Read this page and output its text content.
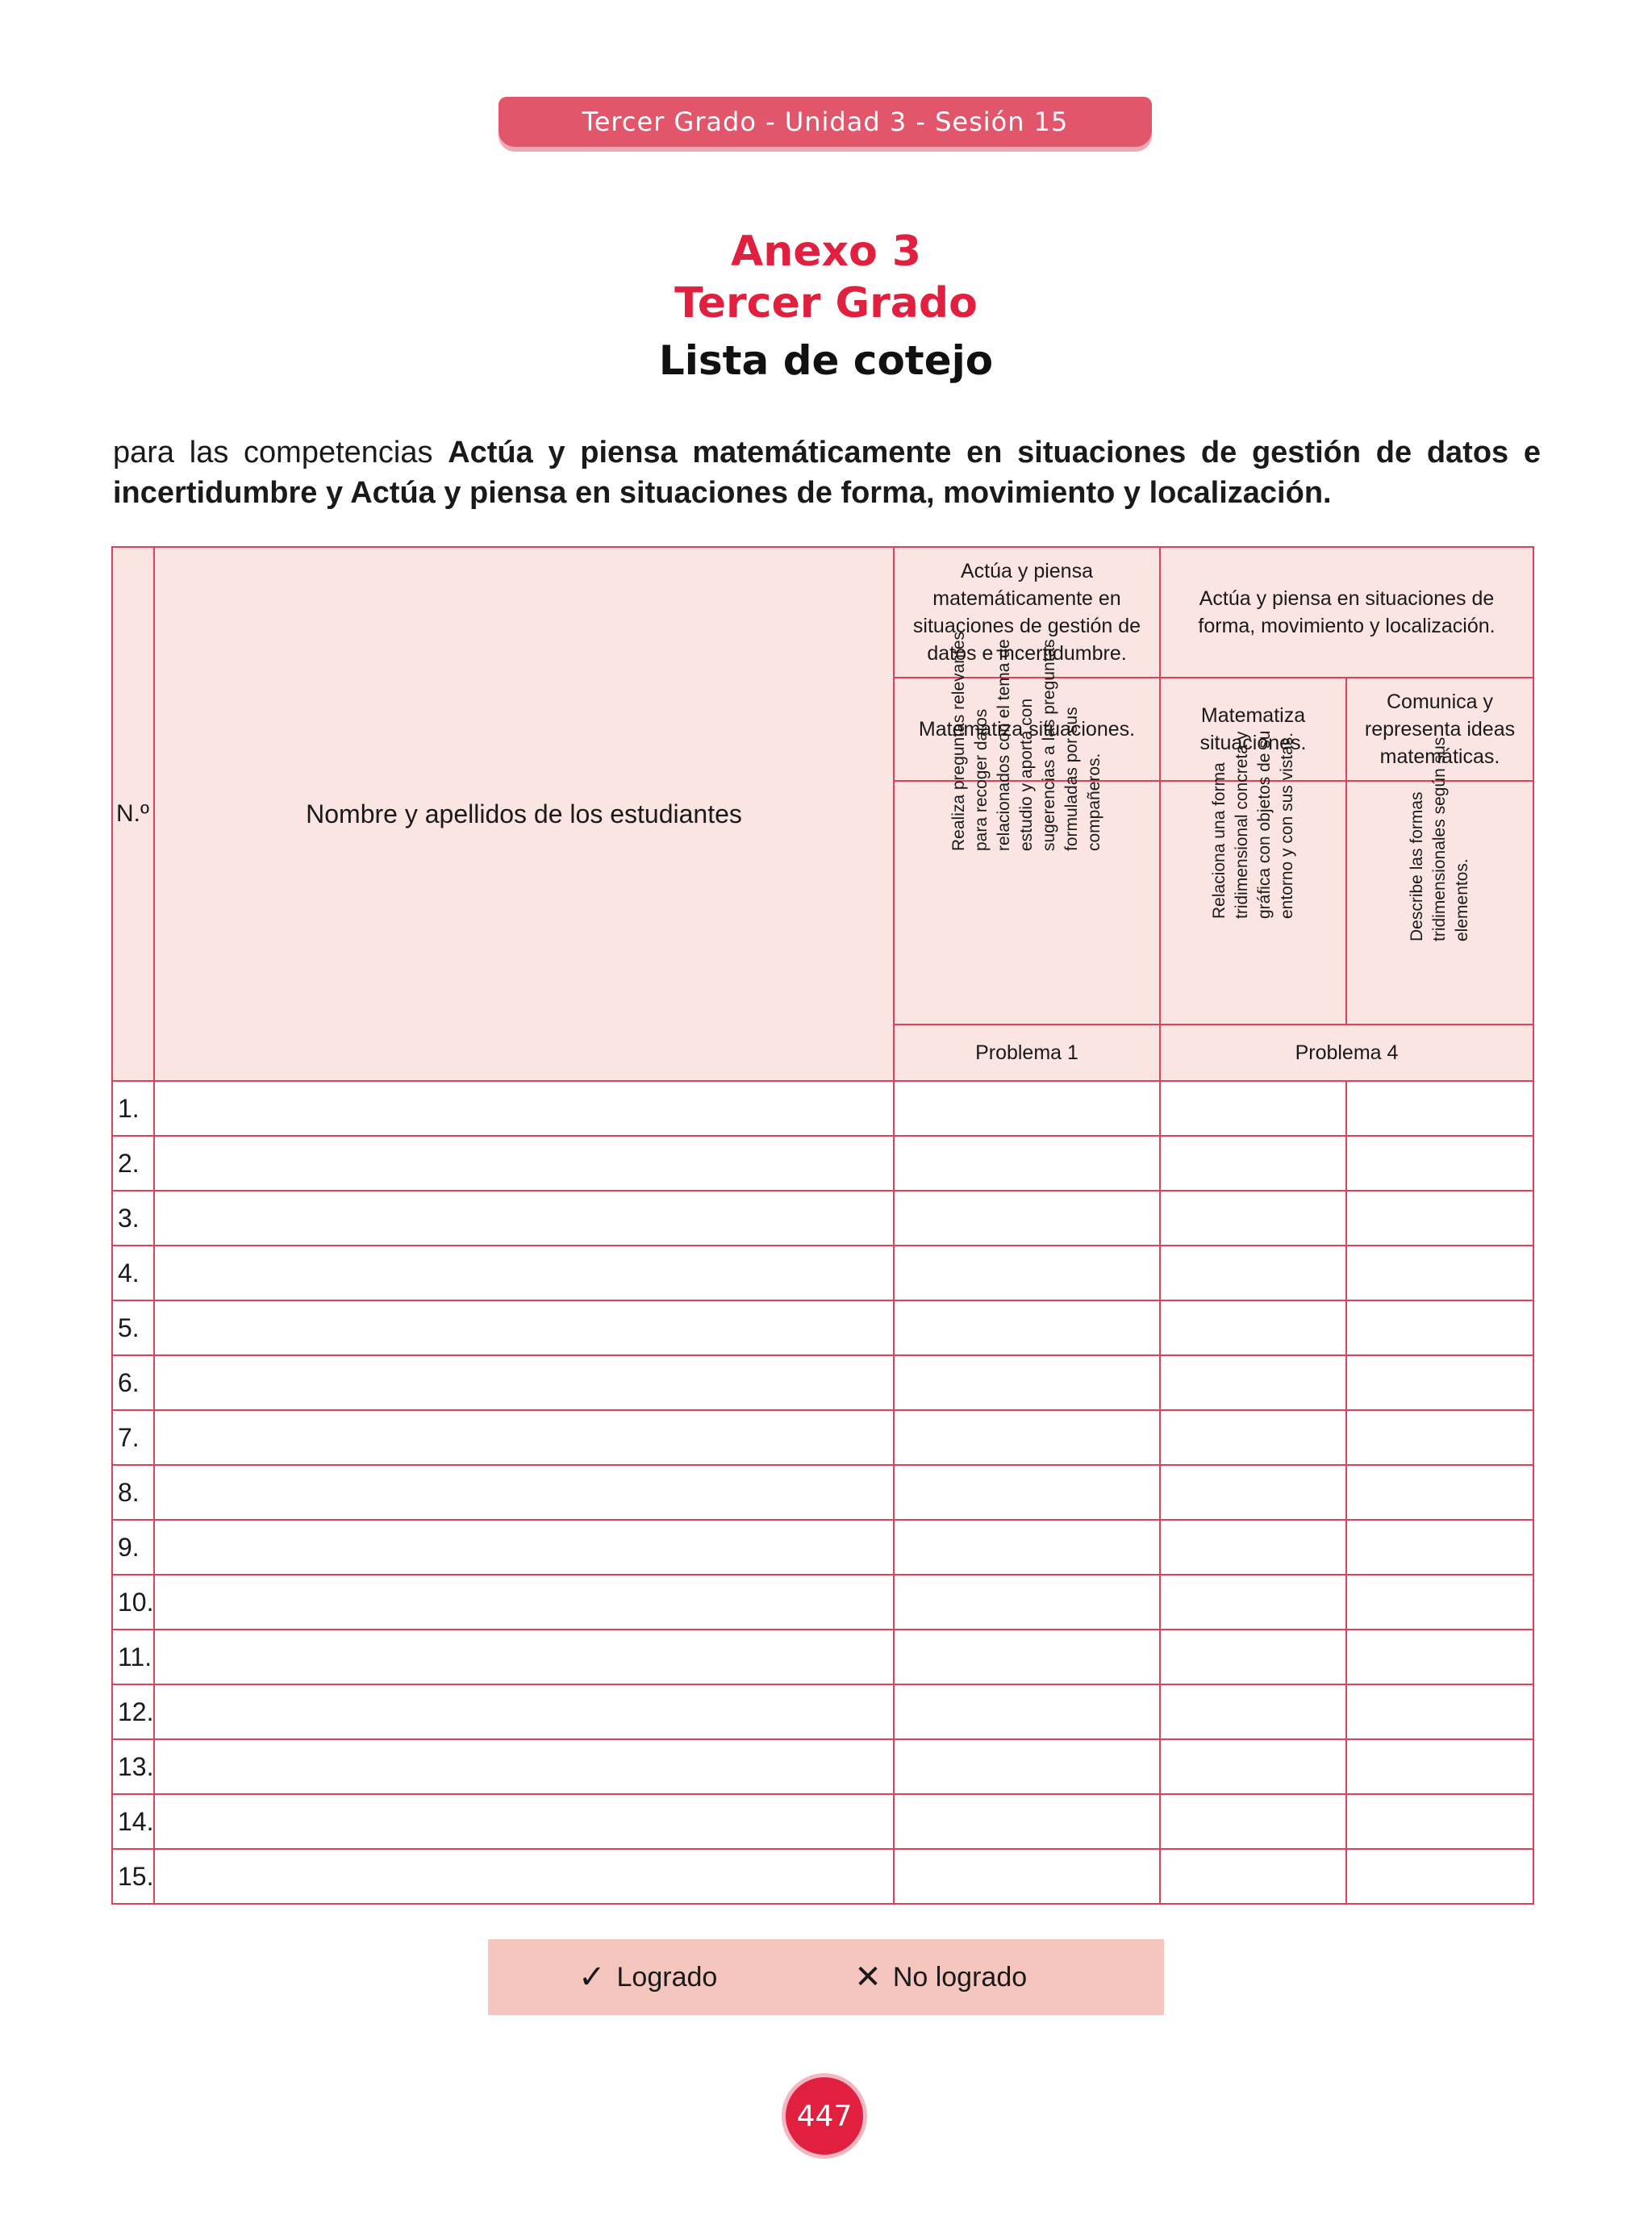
Tercer Grado - Unidad 3 - Sesión 15
Anexo 3
Tercer Grado
Lista de cotejo
para las competencias Actúa y piensa matemáticamente en situaciones de gestión de datos e incertidumbre y Actúa y piensa en situaciones de forma, movimiento y localización.
N.º	Nombre y apellidos de los estudiantes	Actúa y piensa matemáticamente en situaciones de gestión de datos e incertidumbre.	Actúa y piensa en situaciones de forma, movimiento y localización.	
		Matematiza situaciones.	Matematiza situaciones.	Comunica y representa ideas matemáticas.

		Realiza preguntas relevantes para recoger datos relacionados con el tema de estudio y aporta con sugerencias a las preguntas formuladas por sus compañeros.	Relaciona una forma tridimensional concreta y gráfica con objetos de su entorno y con sus vistas.	Describe las formas tridimensionales según sus elementos.

		Problema 1	Problema 4	
1.				
2.				
3.				
4.				
5.				
6.				
7.				
8.				
9.				
10.				
11.				
12.				
13.				
14.				
15.				
✓ Logrado	✕ No logrado
447
